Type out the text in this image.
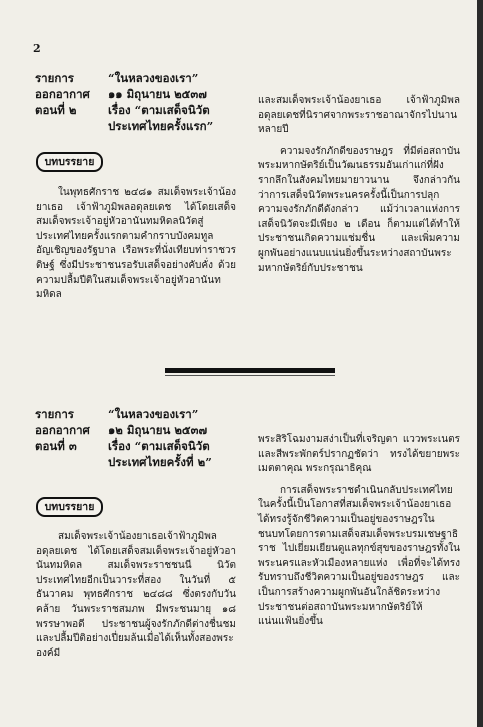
2
รายการ	“ในหลวงของเรา”
ออกอากาศ	๑๑ มิถุนายน ๒๕๓๗
ตอนที่ ๒	เรื่อง “ตามเสด็จนิวัต
ประเทศไทยครั้งแรก”
บทบรรยาย

ในพุทธศักราช ๒๔๘๑ สมเด็จพระเจ้าน้องยาเธอ เจ้าฟ้าภูมิพลอดุลยเดช ได้โดยเสด็จสมเด็จพระเจ้าอยู่หัวอานันทมหิดลนิวัตสู่ประเทศไทยครั้งแรกตามคำกราบบังคมทูลอัญเชิญของรัฐบาล เรือพระที่นั่งเทียบท่าราชวรดิษฐ์ ซึ่งมีประชาชนรอรับเสด็จอย่างคับคั่ง ด้วยความปลื้มปีติในสมเด็จพระเจ้าอยู่หัวอานันทมหิดล

และสมเด็จพระเจ้าน้องยาเธอ เจ้าฟ้าภูมิพลอดุลยเดชที่นิราศจากพระราชอาณาจักรไปนานหลายปี

ความจงรักภักดีของราษฎร ที่มีต่อสถาบันพระมหากษัตริย์เป็นวัฒนธรรมอันเก่าแก่ที่ฝังรากลึกในสังคมไทยมายาวนาน จึงกล่าวกันว่าการเสด็จนิวัตพระนครครั้งนี้เป็นการปลุกความจงรักภักดีดังกล่าว แม้ว่าเวลาแห่งการเสด็จนิวัตจะมีเพียง ๒ เดือน ก็ตามแต่ได้ทำให้ประชาชนเกิดความแช่มชื่น และเพิ่มความผูกพันอย่างแนบแน่นยิ่งขึ้นระหว่างสถาบันพระมหากษัตริย์กับประชาชน

รายการ	“ในหลวงของเรา”
ออกอากาศ	๑๒ มิถุนายน ๒๕๓๗
ตอนที่ ๓	เรื่อง “ตามเสด็จนิวัต
ประเทศไทยครั้งที่ ๒”
บทบรรยาย

สมเด็จพระเจ้าน้องยาเธอเจ้าฟ้าภูมิพลอดุลยเดช ได้โดยเสด็จสมเด็จพระเจ้าอยู่หัวอานันทมหิดล สมเด็จพระราชชนนี นิวัตประเทศไทยอีกเป็นวาระที่สอง ในวันที่ ๕ ธันวาคม พุทธศักราช ๒๔๘๘ ซึ่งตรงกับวันคล้าย วันพระราชสมภพ มีพระชนมายุ ๑๘ พรรษาพอดี ประชาชนผู้จงรักภักดีต่างชื่นชมและปลื้มปีติอย่างเปี่ยมล้นเมื่อได้เห็นทั้งสองพระองค์มี

พระสิริโฉมงามสง่าเป็นที่เจริญตา แววพระเนตรและสีพระพักตร์ปรากฏชัดว่า ทรงได้ขยายพระเมตตาคุณ พระกรุณาธิคุณ

การเสด็จพระราชดำเนินกลับประเทศไทยในครั้งนี้เป็นโอกาสที่สมเด็จพระเจ้าน้องยาเธอได้ทรงรู้จักชีวิตความเป็นอยู่ของราษฎรในชนบทโดยการตามเสด็จสมเด็จพระบรมเชษฐาธิราช ไปเยี่ยมเยียนดูแลทุกข์สุขของราษฎรทั้งในพระนครและหัวเมืองหลายแห่ง เพื่อที่จะได้ทรงรับทราบถึงชีวิตความเป็นอยู่ของราษฎร และเป็นการสร้างความผูกพันอันใกล้ชิดระหว่างประชาชนต่อสถาบันพระมหากษัตริย์ให้แน่นแฟ้นยิ่งขึ้น
